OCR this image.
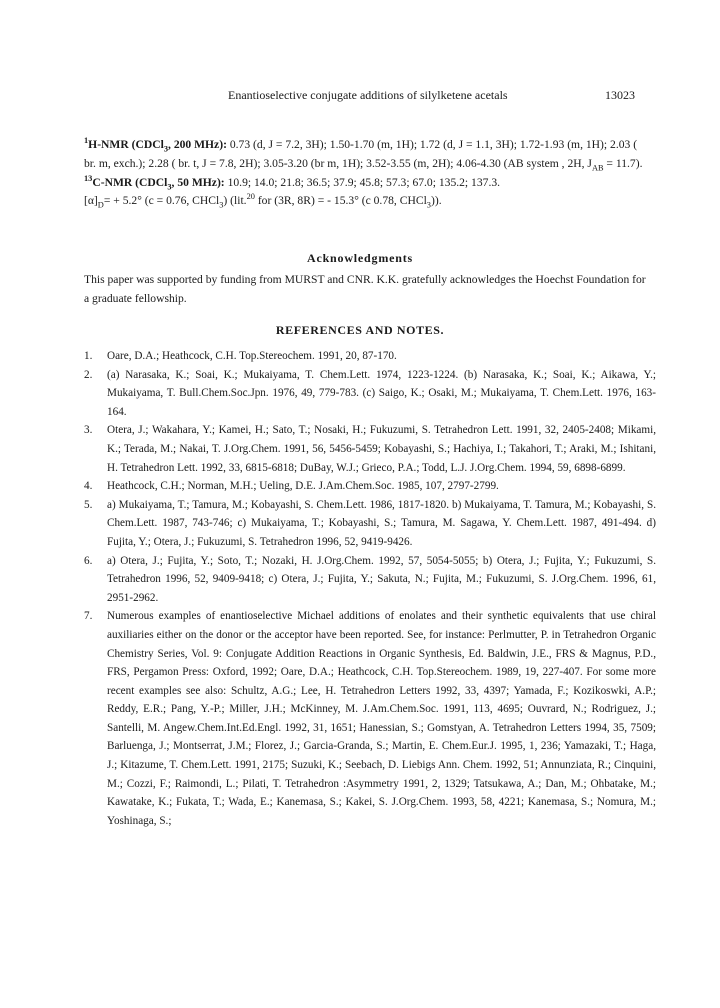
Enantioselective conjugate additions of silylketene acetals	13023

$^1$H-NMR (CDCl$_3$, 200 MHz): 0.73 (d, J = 7.2, 3H); 1.50-1.70 (m, 1H); 1.72 (d, J = 1.1, 3H); 1.72-1.93 (m, 1H); 2.03 ( br. m, exch.); 2.28 ( br. t, J = 7.8, 2H); 3.05-3.20 (br m, 1H); 3.52-3.55 (m, 2H); 4.06-4.30 (AB system , 2H, $J_{AB} = 11.7$).

$^{13}$C-NMR (CDCl$_3$, 50 MHz): 10.9; 14.0; 21.8; 36.5; 37.9; 45.8; 57.3; 67.0; 135.2; 137.3.

$[\alpha]_D= + 5.2^\circ$ (c = 0.76, CHCl$_3$) (lit.$^{20}$ for (3R, 8R) = - 15.3° (c 0.78, CHCl$_3$)).

Acknowledgments
This paper was supported by funding from MURST and CNR. K.K. gratefully acknowledges the Hoechst Foundation for a graduate fellowship.
REFERENCES AND NOTES.
1. Oare, D.A.; Heathcock, C.H. Top.Stereochem. 1991, 20, 87-170.
2. (a) Narasaka, K.; Soai, K.; Mukaiyama, T. Chem.Lett. 1974, 1223-1224. (b) Narasaka, K.; Soai, K.; Aikawa, Y.; Mukaiyama, T. Bull.Chem.Soc.Jpn. 1976, 49, 779-783. (c) Saigo, K.; Osaki, M.; Mukaiyama, T. Chem.Lett. 1976, 163-164.
3. Otera, J.; Wakahara, Y.; Kamei, H.; Sato, T.; Nosaki, H.; Fukuzumi, S. Tetrahedron Lett. 1991, 32, 2405-2408; Mikami, K.; Terada, M.; Nakai, T. J.Org.Chem. 1991, 56, 5456-5459; Kobayashi, S.; Hachiya, I.; Takahori, T.; Araki, M.; Ishitani, H. Tetrahedron Lett. 1992, 33, 6815-6818; DuBay, W.J.; Grieco, P.A.; Todd, L.J. J.Org.Chem. 1994, 59, 6898-6899.
4. Heathcock, C.H.; Norman, M.H.; Ueling, D.E. J.Am.Chem.Soc. 1985, 107, 2797-2799.
5. a) Mukaiyama, T.; Tamura, M.; Kobayashi, S. Chem.Lett. 1986, 1817-1820. b) Mukaiyama, T. Tamura, M.; Kobayashi, S. Chem.Lett. 1987, 743-746; c) Mukaiyama, T.; Kobayashi, S.; Tamura, M. Sagawa, Y. Chem.Lett. 1987, 491-494. d) Fujita, Y.; Otera, J.; Fukuzumi, S. Tetrahedron 1996, 52, 9419-9426.
6. a) Otera, J.; Fujita, Y.; Soto, T.; Nozaki, H. J.Org.Chem. 1992, 57, 5054-5055; b) Otera, J.; Fujita, Y.; Fukuzumi, S. Tetrahedron 1996, 52, 9409-9418; c) Otera, J.; Fujita, Y.; Sakuta, N.; Fujita, M.; Fukuzumi, S. J.Org.Chem. 1996, 61, 2951-2962.
7. Numerous examples of enantioselective Michael additions of enolates and their synthetic equivalents that use chiral auxiliaries either on the donor or the acceptor have been reported. See, for instance: Perlmutter, P. in Tetrahedron Organic Chemistry Series, Vol. 9: Conjugate Addition Reactions in Organic Synthesis, Ed. Baldwin, J.E., FRS & Magnus, P.D., FRS, Pergamon Press: Oxford, 1992; Oare, D.A.; Heathcock, C.H. Top.Stereochem. 1989, 19, 227-407. For some more recent examples see also: Schultz, A.G.; Lee, H. Tetrahedron Letters 1992, 33, 4397; Yamada, F.; Kozikoswki, A.P.; Reddy, E.R.; Pang, Y.-P.; Miller, J.H.; McKinney, M. J.Am.Chem.Soc. 1991, 113, 4695; Ouvrard, N.; Rodriguez, J.; Santelli, M. Angew.Chem.Int.Ed.Engl. 1992, 31, 1651; Hanessian, S.; Gomstyan, A. Tetrahedron Letters 1994, 35, 7509; Barluenga, J.; Montserrat, J.M.; Florez, J.; Garcia-Granda, S.; Martin, E. Chem.Eur.J. 1995, 1, 236; Yamazaki, T.; Haga, J.; Kitazume, T. Chem.Lett. 1991, 2175; Suzuki, K.; Seebach, D. Liebigs Ann. Chem. 1992, 51; Annunziata, R.; Cinquini, M.; Cozzi, F.; Raimondi, L.; Pilati, T. Tetrahedron :Asymmetry 1991, 2, 1329; Tatsukawa, A.; Dan, M.; Ohbatake, M.; Kawatake, K.; Fukata, T.; Wada, E.; Kanemasa, S.; Kakei, S. J.Org.Chem. 1993, 58, 4221; Kanemasa, S.; Nomura, M.; Yoshinaga, S.;
